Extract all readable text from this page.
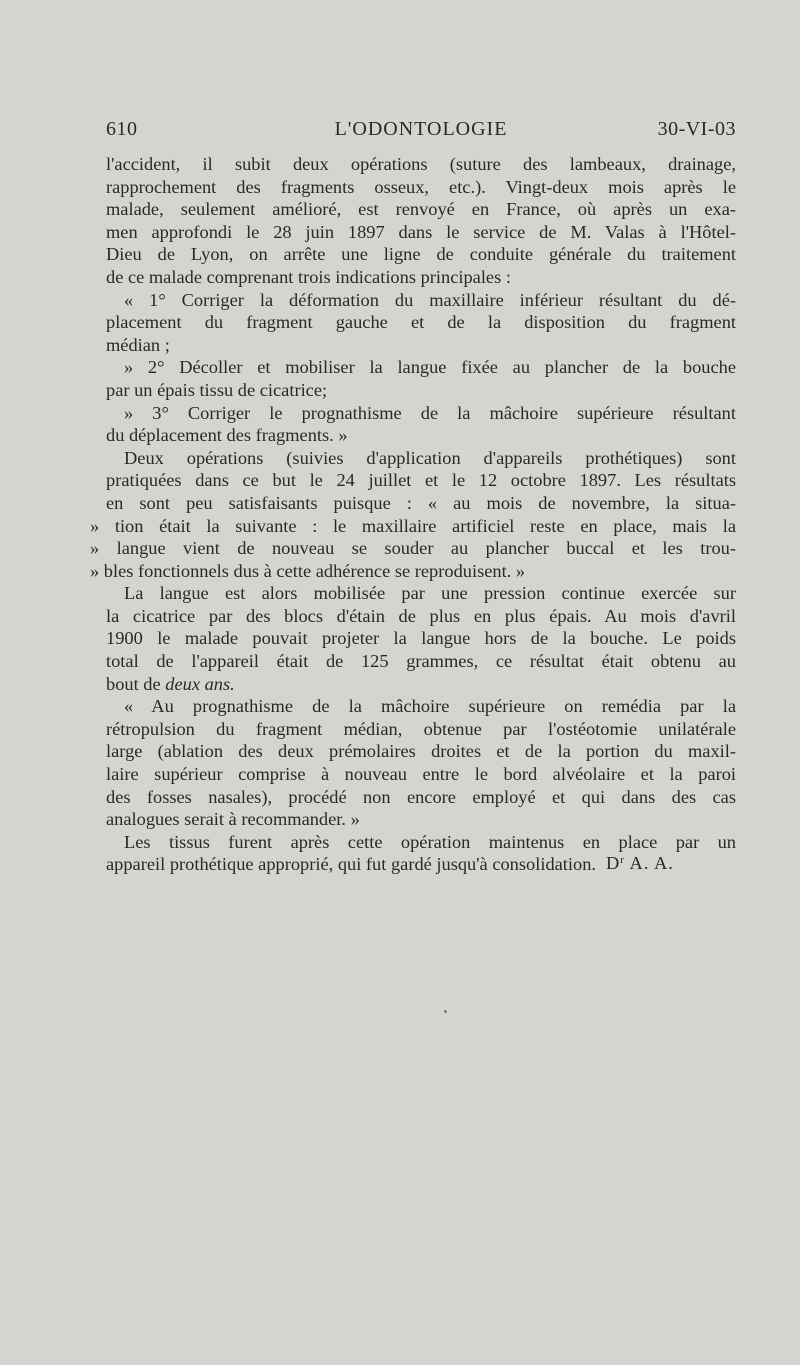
610	L'ODONTOLOGIE	30-VI-03
l'accident, il subit deux opérations (suture des lambeaux, drainage,
rapprochement des fragments osseux, etc.). Vingt-deux mois après le
malade, seulement amélioré, est renvoyé en France, où après un exa-
men approfondi le 28 juin 1897 dans le service de M. Valas à l'Hôtel-
Dieu de Lyon, on arrête une ligne de conduite générale du traitement
de ce malade comprenant trois indications principales :
« 1° Corriger la déformation du maxillaire inférieur résultant du dé-
placement du fragment gauche et de la disposition du fragment
médian ;
» 2° Décoller et mobiliser la langue fixée au plancher de la bouche
par un épais tissu de cicatrice;
» 3° Corriger le prognathisme de la mâchoire supérieure résultant
du déplacement des fragments. »
Deux opérations (suivies d'application d'appareils prothétiques) sont
pratiquées dans ce but le 24 juillet et le 12 octobre 1897. Les résultats
en sont peu satisfaisants puisque : « au mois de novembre, la situa-
» tion était la suivante : le maxillaire artificiel reste en place, mais la
» langue vient de nouveau se souder au plancher buccal et les trou-
» bles fonctionnels dus à cette adhérence se reproduisent. »
La langue est alors mobilisée par une pression continue exercée sur
la cicatrice par des blocs d'étain de plus en plus épais. Au mois d'avril
1900 le malade pouvait projeter la langue hors de la bouche. Le poids
total de l'appareil était de 125 grammes, ce résultat était obtenu au
bout de deux ans.
« Au prognathisme de la mâchoire supérieure on remédia par la
rétropulsion du fragment médian, obtenue par l'ostéotomie unilatérale
large (ablation des deux prémolaires droites et de la portion du maxil-
laire supérieur comprise à nouveau entre le bord alvéolaire et la paroi
des fosses nasales), procédé non encore employé et qui dans des cas
analogues serait à recommander. »
Les tissus furent après cette opération maintenus en place par un
appareil prothétique approprié, qui fut gardé jusqu'à consolidation. $D^r$ A. A.
